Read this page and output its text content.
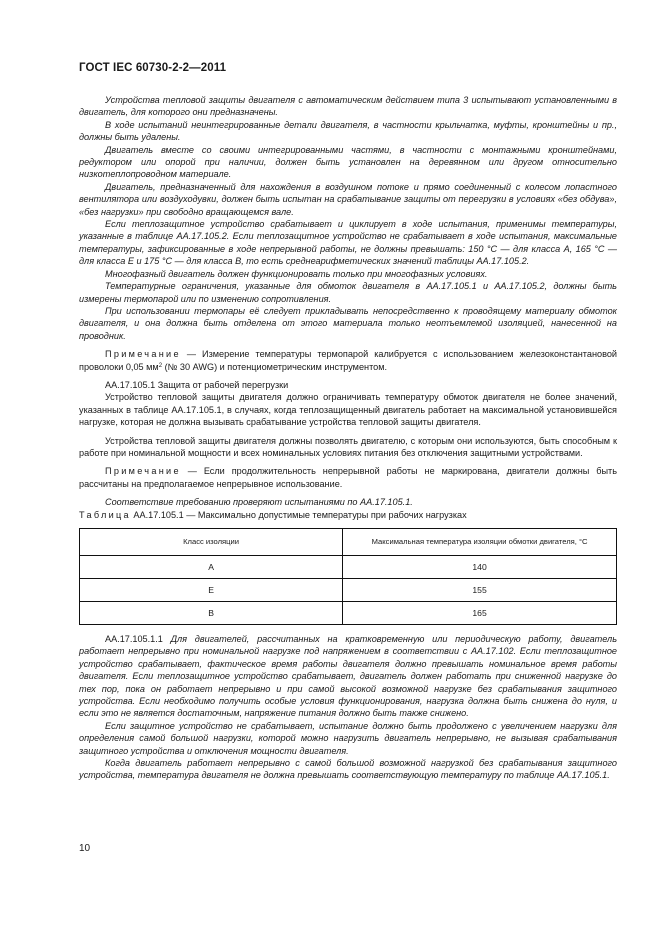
ГОСТ IEC 60730-2-2—2011

Устройства тепловой защиты двигателя с автоматическим действием типа 3 испытывают установленными в двигатель, для которого они предназначены.

В ходе испытаний неинтегрированные детали двигателя, в частности крыльчатка, муфты, кронштейны и пр., должны быть удалены.

Двигатель вместе со своими интегрированными частями, в частности с монтажными кронштейнами, редуктором или опорой при наличии, должен быть установлен на деревянном или другом относительно низкотеплопроводном материале.

Двигатель, предназначенный для нахождения в воздушном потоке и прямо соединенный с колесом лопастного вентилятора или воздуходувки, должен быть испытан на срабатывание защиты от перегрузки в условиях «без обдува», «без нагрузки» при свободно вращающемся вале.

Если теплозащитное устройство срабатывает и циклирует в ходе испытания, применимы температуры, указанные в таблице АА.17.105.2. Если теплозащитное устройство не срабатывает в ходе испытания, максимальные температуры, зафиксированные в ходе непрерывной работы, не должны превышать: 150 °С — для класса А, 165 °С — для класса Е и 175 °С — для класса В, то есть среднеарифметических значений таблицы АА.17.105.2.

Многофазный двигатель должен функционировать только при многофазных условиях.

Температурные ограничения, указанные для обмоток двигателя в АА.17.105.1 и АА.17.105.2, должны быть измерены термопарой или по изменению сопротивления.

При использовании термопары её следует прикладывать непосредственно к проводящему материалу обмоток двигателя, и она должна быть отделена от этого материала только неотъемлемой изоляцией, нанесенной на проводник.

Примечание — Измерение температуры термопарой калибруется с использованием железоконстантановой проволоки 0,05 $мм^2$ (№ 30 AWG) и потенциометрическим инструментом.

АА.17.105.1 Защита от рабочей перегрузки

Устройство тепловой защиты двигателя должно ограничивать температуру обмоток двигателя не более значений, указанных в таблице АА.17.105.1, в случаях, когда теплозащищенный двигатель работает на максимальной установившейся нагрузке, которая не должна вызывать срабатывание устройства тепловой защиты двигателя.

Устройства тепловой защиты двигателя должны позволять двигателю, с которым они используются, быть способным к работе при номинальной мощности и всех номинальных условиях питания без отключения защитными устройствами.

Примечание — Если продолжительность непрерывной работы не маркирована, двигатели должны быть рассчитаны на предполагаемое непрерывное использование.

Соответствие требованию проверяют испытаниями по АА.17.105.1.

Таблица АА.17.105.1 — Максимально допустимые температуры при рабочих нагрузках

Класс изоляции	Максимальная температура изоляции обмотки двигателя, °С
А	140
Е	155
В	165

АА.17.105.1.1 Для двигателей, рассчитанных на кратковременную или периодическую работу, двигатель работает непрерывно при номинальной нагрузке под напряжением в соответствии с АА.17.102. Если теплозащитное устройство срабатывает, фактическое время работы двигателя должно превышать номинальное время работы двигателя. Если теплозащитное устройство срабатывает, двигатель должен работать при сниженной нагрузке до тех пор, пока он работает непрерывно и при самой высокой возможной нагрузке без срабатывания защитного устройства. Если необходимо получить особые условия функционирования, нагрузка должна быть снижена до нуля, и если это не является достаточным, напряжение питания должно быть также снижено.

Если защитное устройство не срабатывает, испытание должно быть продолжено с увеличением нагрузки для определения самой большой нагрузки, которой можно нагрузить двигатель непрерывно, не вызывая срабатывания защитного устройства и отключения мощности двигателя.

Когда двигатель работает непрерывно с самой большой возможной нагрузкой без срабатывания защитного устройства, температура двигателя не должна превышать соответствующую температуру по таблице АА.17.105.1.

10
